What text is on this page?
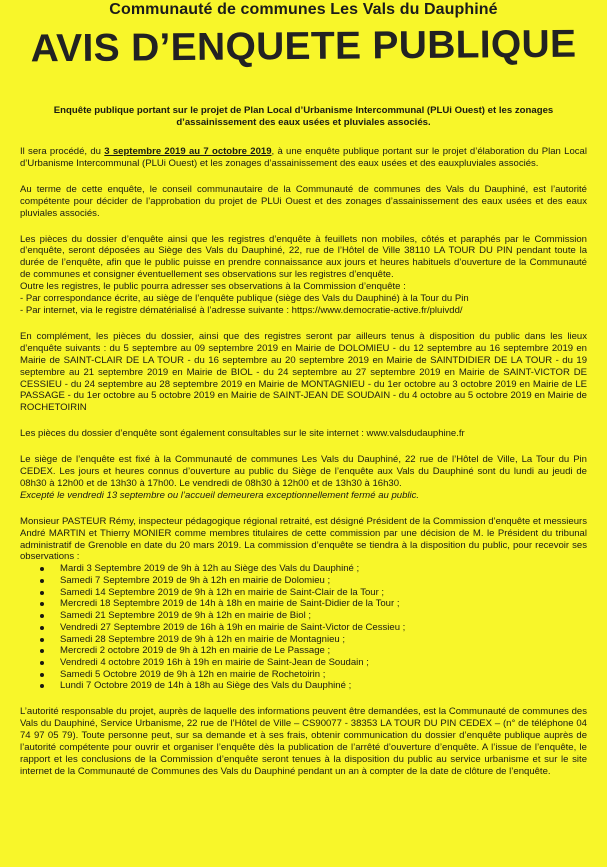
Communauté de communes Les Vals du Dauphiné
AVIS D’ENQUETE PUBLIQUE
Enquête publique portant sur le projet de Plan Local d’Urbanisme Intercommunal (PLUi Ouest) et les zonages d’assainissement des eaux usées et pluviales associés.

Il sera procédé, du 3 septembre 2019 au 7 octobre 2019, à une enquête publique portant sur le projet d’élaboration du Plan Local d’Urbanisme Intercommunal (PLUi Ouest) et les zonages d’assainissement des eaux usées et des eauxpluviales associés.

Au terme de cette enquête, le conseil communautaire de la Communauté de communes des Vals du Dauphiné, est l’autorité compétente pour décider de l’approbation du projet de PLUi Ouest et des zonages d’assainissement des eaux usées et des eaux pluviales associés.

Les pièces du dossier d’enquête ainsi que les registres d’enquête à feuillets non mobiles, côtés et paraphés par le Commission d’enquête, seront déposées au Siège des Vals du Dauphiné, 22, rue de l’Hôtel de Ville 38110 LA TOUR DU PIN pendant toute la durée de l’enquête, afin que le public puisse en prendre connaissance aux jours et heures habituels d’ouverture de la Communauté de communes et consigner éventuellement ses observations sur les registres d’enquête.

Outre les registres, le public pourra adresser ses observations à la Commission d’enquête :

- Par correspondance écrite, au siège de l’enquête publique (siège des Vals du Dauphiné) à la Tour du Pin

- Par internet, via le registre dématérialisé à l’adresse suivante : https://www.democratie-active.fr/pluivdd/

En complément, les pièces du dossier, ainsi que des registres seront par ailleurs tenus à disposition du public dans les lieux d’enquête suivants : du 5 septembre au 09 septembre 2019 en Mairie de DOLOMIEU - du 12 septembre au 16 septembre 2019 en Mairie de SAINT-CLAIR DE LA TOUR - du 16 septembre au 20 septembre 2019 en Mairie de SAINTDIDIER DE LA TOUR - du 19 septembre au 21 septembre 2019 en Mairie de BIOL - du 24 septembre au 27 septembre 2019 en Mairie de SAINT-VICTOR DE CESSIEU - du 24 septembre au 28 septembre 2019 en Mairie de MONTAGNIEU - du 1er octobre au 3 octobre 2019 en Mairie de LE PASSAGE - du 1er octobre au 5 octobre 2019 en Mairie de SAINT-JEAN DE SOUDAIN - du 4 octobre au 5 octobre 2019 en Mairie de ROCHETOIRIN

Les pièces du dossier d’enquête sont également consultables sur le site internet : www.valsdudauphine.fr

Le siège de l’enquête est fixé à la Communauté de communes Les Vals du Dauphiné, 22 rue de l’Hôtel de Ville, La Tour du Pin CEDEX. Les jours et heures connus d’ouverture au public du Siège de l’enquête aux Vals du Dauphiné sont du lundi au jeudi de 08h30 à 12h00 et de 13h30 à 17h00. Le vendredi de 08h30 à 12h00 et de 13h30 à 16h30.

Excepté le vendredi 13 septembre ou l’accueil demeurera exceptionnellement fermé au public.

Monsieur PASTEUR Rémy, inspecteur pédagogique régional retraité, est désigné Président de la Commission d’enquête et messieurs André MARTIN et Thierry MONIER comme membres titulaires de cette commission par une décision de M. le Président du tribunal administratif de Grenoble en date du 20 mars 2019. La commission d’enquête se tiendra à la disposition du public, pour recevoir ses observations :

Mardi 3 Septembre 2019 de 9h à 12h au Siège des Vals du Dauphiné ;
Samedi 7 Septembre 2019 de 9h à 12h en mairie de Dolomieu ;
Samedi 14 Septembre 2019 de 9h à 12h en mairie de Saint-Clair de la Tour ;
Mercredi 18 Septembre 2019 de 14h à 18h en mairie de Saint-Didier de la Tour ;
Samedi 21 Septembre 2019 de 9h à 12h en mairie de Biol ;
Vendredi 27 Septembre 2019 de 16h à 19h en mairie de Saint-Victor de Cessieu ;
Samedi 28 Septembre 2019 de 9h à 12h en mairie de Montagnieu ;
Mercredi 2 octobre 2019 de 9h à 12h en mairie de Le Passage ;
Vendredi 4 octobre 2019 16h à 19h en mairie de Saint-Jean de Soudain ;
Samedi 5 Octobre 2019 de 9h à 12h en mairie de Rochetoirin ;
Lundi 7 Octobre 2019 de 14h à 18h au Siège des Vals du Dauphiné ;

L’autorité responsable du projet, auprès de laquelle des informations peuvent être demandées, est la Communauté de communes des Vals du Dauphiné, Service Urbanisme, 22 rue de l’Hôtel de Ville – CS90077 - 38353 LA TOUR DU PIN CEDEX – (n° de téléphone 04 74 97 05 79). Toute personne peut, sur sa demande et à ses frais, obtenir communication du dossier d’enquête publique auprès de l’autorité compétente pour ouvrir et organiser l’enquête dès la publication de l’arrêté d’ouverture d’enquête. A l’issue de l’enquête, le rapport et les conclusions de la Commission d’enquête seront tenues à la disposition du public au service urbanisme et sur le site internet de la Communauté de Communes des Vals du Dauphiné pendant un an à compter de la date de clôture de l’enquête.
